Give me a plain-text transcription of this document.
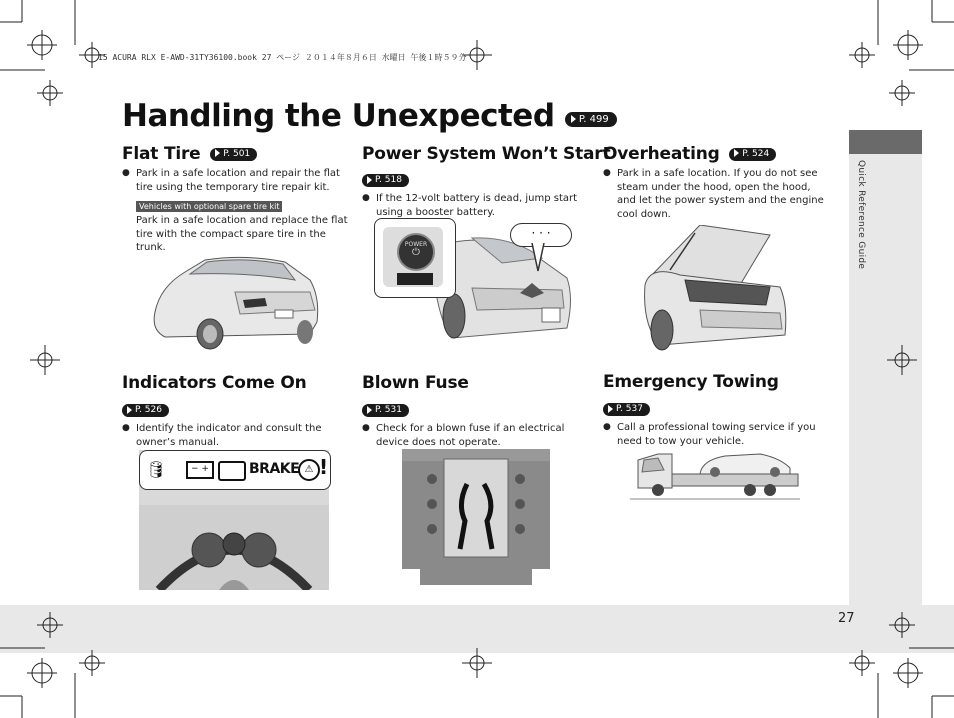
Quick Reference Guide
27
15 ACURA RLX E-AWD-31TY36100.book 27 ページ ２０１４年８月６日 水曜日 午後１時５９分
Handling the Unexpected P. 499
Flat Tire	P. 501
● Park in a safe location and repair the flat tire using the temporary tire repair kit.
Vehicles with optional spare tire kit
Park in a safe location and replace the flat tire with the compact spare tire in the trunk.
Power System Won’t Start
P. 518
● If the 12-volt battery is dead, jump start using a booster battery.
POWER
⏻
· · ·
Overheating	P. 524
● Park in a safe location. If you do not see steam under the hood, open the hood, and let the power system and the engine cool down.
Indicators Come On
P. 526
● Identify the indicator and consult the owner’s manual.
🛢	− +	BRAKE ⚠ !
Blown Fuse
P. 531
● Check for a blown fuse if an electrical device does not operate.
Emergency Towing
P. 537
● Call a professional towing service if you need to tow your vehicle.
